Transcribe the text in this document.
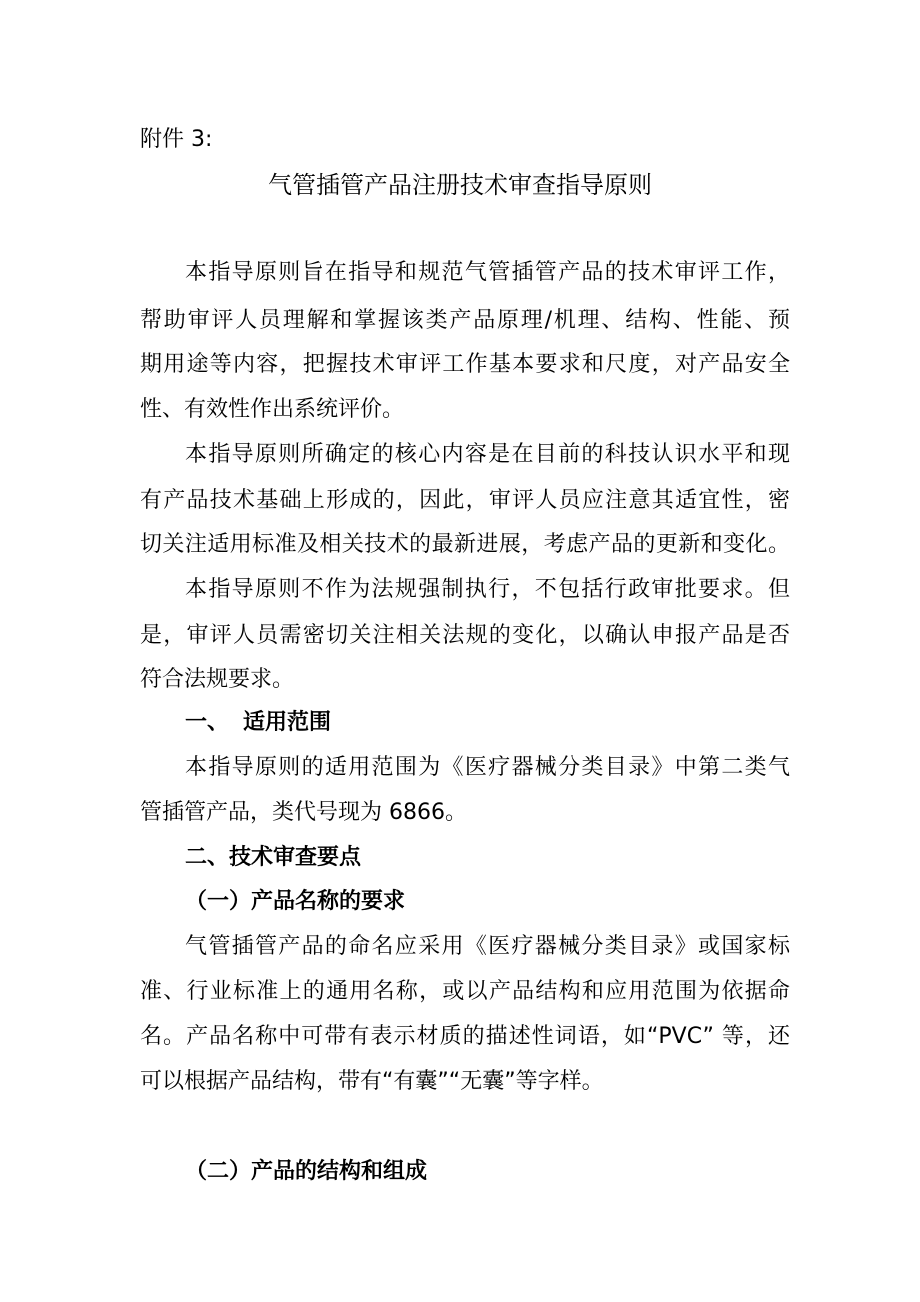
附件 3:
气管插管产品注册技术审查指导原则
本指导原则旨在指导和规范气管插管产品的技术审评工作，
帮助审评人员理解和掌握该类产品原理/机理、结构、性能、预
期用途等内容，把握技术审评工作基本要求和尺度，对产品安全
性、有效性作出系统评价。
本指导原则所确定的核心内容是在目前的科技认识水平和现
有产品技术基础上形成的，因此，审评人员应注意其适宜性，密
切关注适用标准及相关技术的最新进展，考虑产品的更新和变化。
本指导原则不作为法规强制执行，不包括行政审批要求。但
是，审评人员需密切关注相关法规的变化，以确认申报产品是否
符合法规要求。
一、 适用范围
本指导原则的适用范围为《医疗器械分类目录》中第二类气
管插管产品，类代号现为 6866。
二、技术审查要点
（一）产品名称的要求
气管插管产品的命名应采用《医疗器械分类目录》或国家标
准、行业标准上的通用名称，或以产品结构和应用范围为依据命
名。产品名称中可带有表示材质的描述性词语，如“PVC” 等，还
可以根据产品结构，带有“有囊”“无囊”等字样。
（二）产品的结构和组成
